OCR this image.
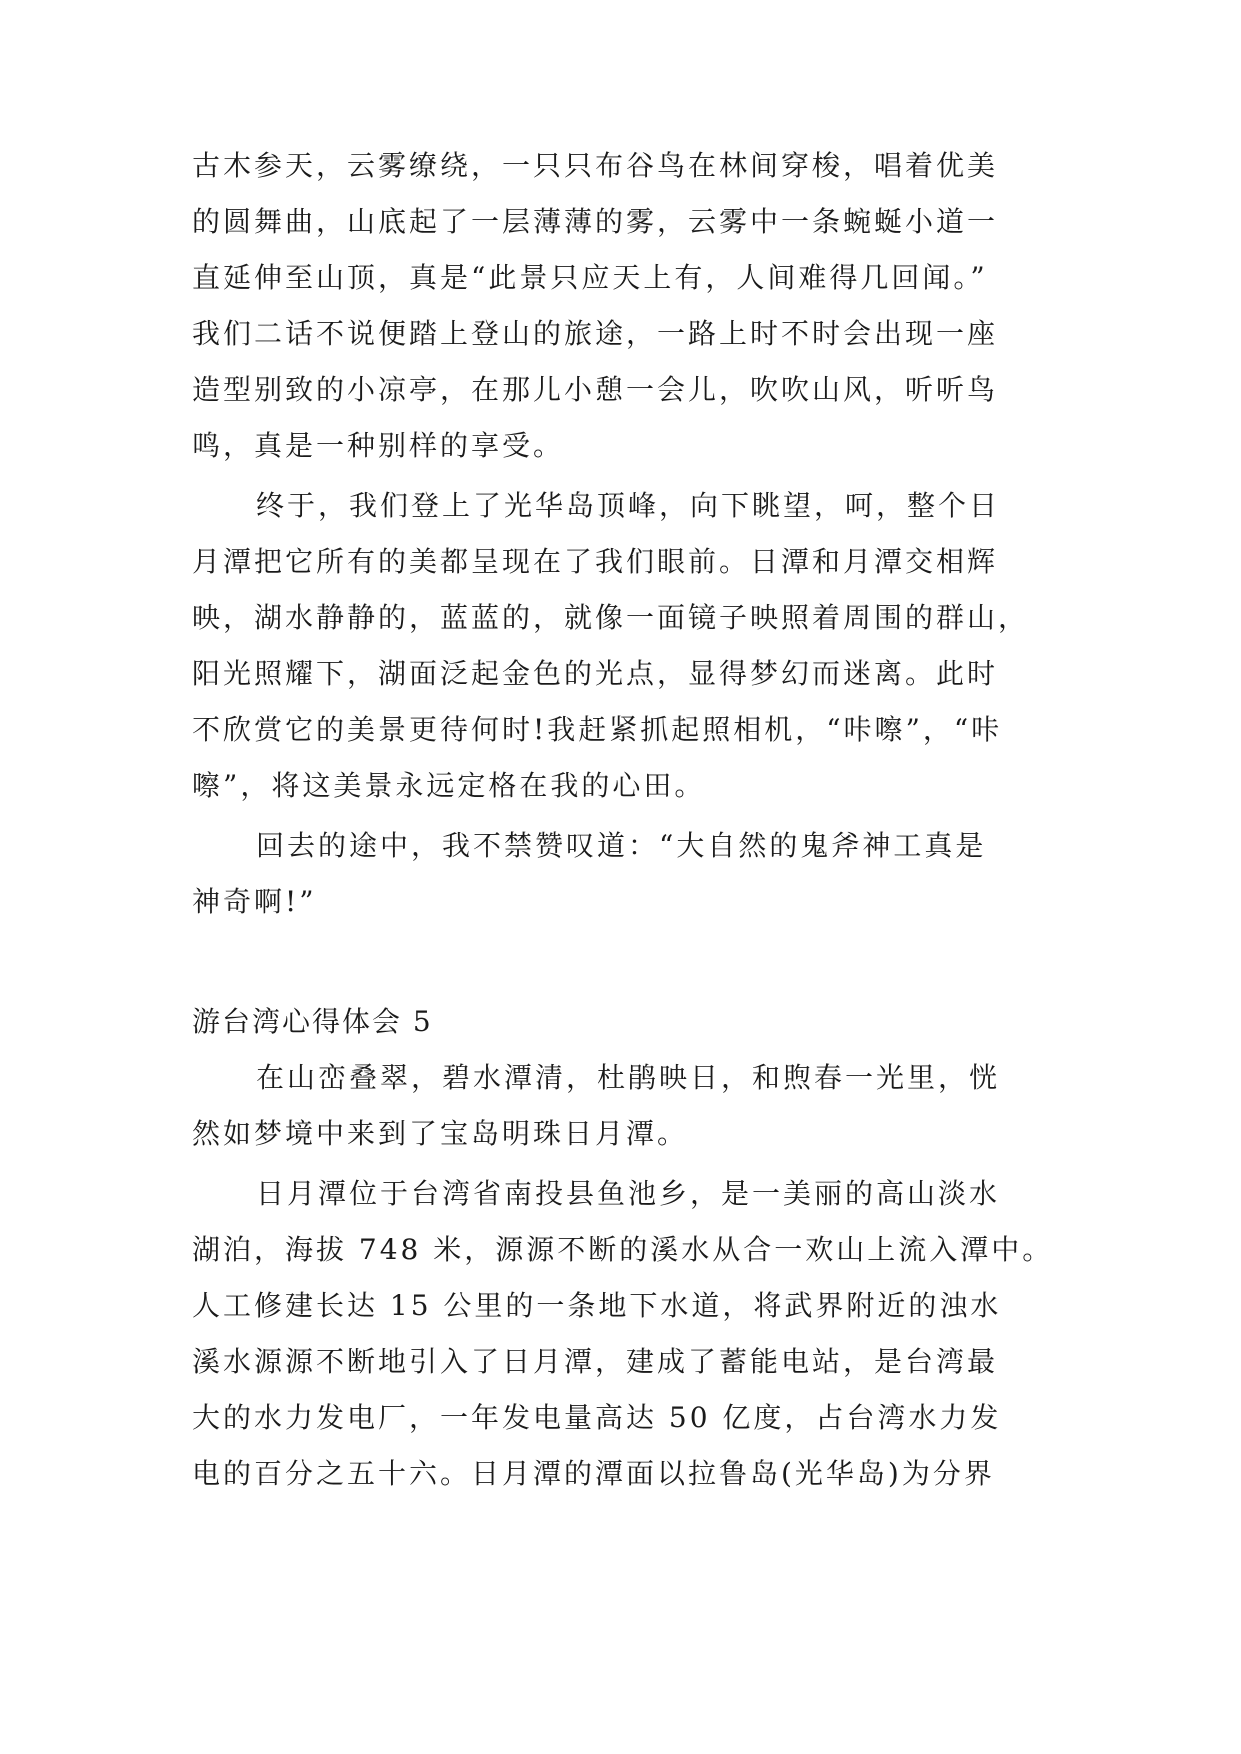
古木参天，云雾缭绕，一只只布谷鸟在林间穿梭，唱着优美
的圆舞曲，山底起了一层薄薄的雾，云雾中一条蜿蜒小道一
直延伸至山顶，真是“此景只应天上有，人间难得几回闻。”
我们二话不说便踏上登山的旅途，一路上时不时会出现一座
造型别致的小凉亭，在那儿小憩一会儿，吹吹山风，听听鸟
鸣，真是一种别样的享受。
终于，我们登上了光华岛顶峰，向下眺望，呵，整个日
月潭把它所有的美都呈现在了我们眼前。日潭和月潭交相辉
映，湖水静静的，蓝蓝的，就像一面镜子映照着周围的群山，
阳光照耀下，湖面泛起金色的光点，显得梦幻而迷离。此时
不欣赏它的美景更待何时!我赶紧抓起照相机，“咔嚓”，“咔
嚓”，将这美景永远定格在我的心田。
回去的途中，我不禁赞叹道：“大自然的鬼斧神工真是
神奇啊!”
游台湾心得体会 5
在山峦叠翠，碧水潭清，杜鹃映日，和煦春一光里，恍
然如梦境中来到了宝岛明珠日月潭。
日月潭位于台湾省南投县鱼池乡，是一美丽的高山淡水
湖泊，海拔 748 米，源源不断的溪水从合一欢山上流入潭中。
人工修建长达 15 公里的一条地下水道，将武界附近的浊水
溪水源源不断地引入了日月潭，建成了蓄能电站，是台湾最
大的水力发电厂，一年发电量高达 50 亿度，占台湾水力发
电的百分之五十六。日月潭的潭面以拉鲁岛(光华岛)为分界
